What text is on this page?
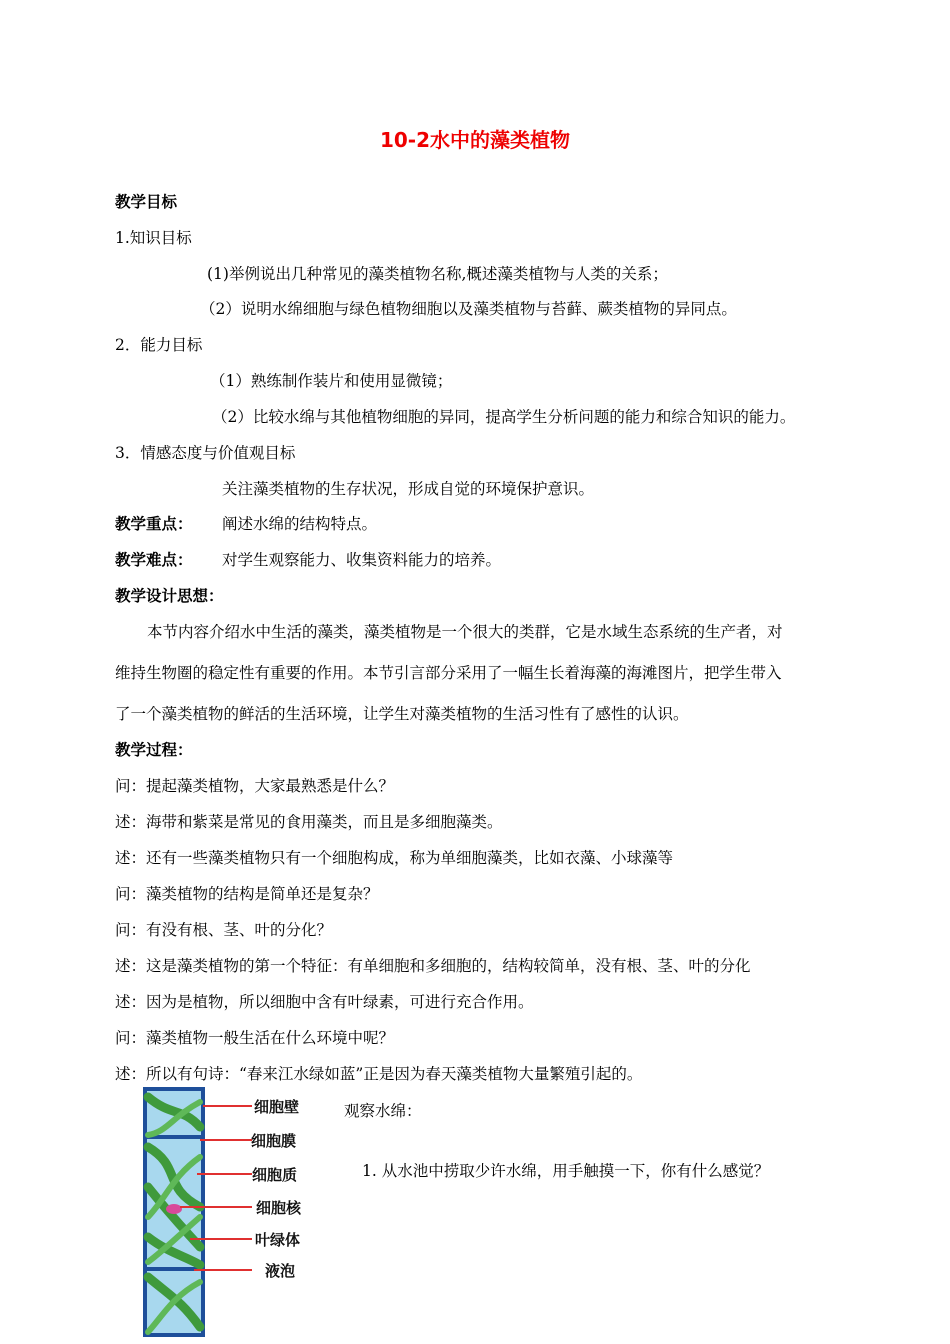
10-2水中的藻类植物
教学目标
1.知识目标
(1)举例说出几种常见的藻类植物名称,概述藻类植物与人类的关系；
（2）说明水绵细胞与绿色植物细胞以及藻类植物与苔藓、蕨类植物的异同点。
2．能力目标
（1）熟练制作装片和使用显微镜；
（2）比较水绵与其他植物细胞的异同，提高学生分析问题的能力和综合知识的能力。
3．情感态度与价值观目标
关注藻类植物的生存状况，形成自觉的环境保护意识。
教学重点： 阐述水绵的结构特点。
教学难点： 对学生观察能力、收集资料能力的培养。
教学设计思想：
本节内容介绍水中生活的藻类，藻类植物是一个很大的类群，它是水域生态系统的生产者，对
维持生物圈的稳定性有重要的作用。本节引言部分采用了一幅生长着海藻的海滩图片，把学生带入
了一个藻类植物的鲜活的生活环境，让学生对藻类植物的生活习性有了感性的认识。
教学过程：
问：提起藻类植物，大家最熟悉是什么？
述：海带和紫菜是常见的食用藻类，而且是多细胞藻类。
述：还有一些藻类植物只有一个细胞构成，称为单细胞藻类，比如衣藻、小球藻等
问：藻类植物的结构是简单还是复杂？
问：有没有根、茎、叶的分化？
述：这是藻类植物的第一个特征：有单细胞和多细胞的，结构较简单，没有根、茎、叶的分化
述：因为是植物，所以细胞中含有叶绿素，可进行充合作用。
问：藻类植物一般生活在什么环境中呢？
述：所以有句诗：“春来江水绿如蓝”正是因为春天藻类植物大量繁殖引起的。
细胞壁
细胞膜
细胞质
细胞核
叶绿体
液泡
观察水绵：
1. 从水池中捞取少许水绵，用手触摸一下，你有什么感觉？
